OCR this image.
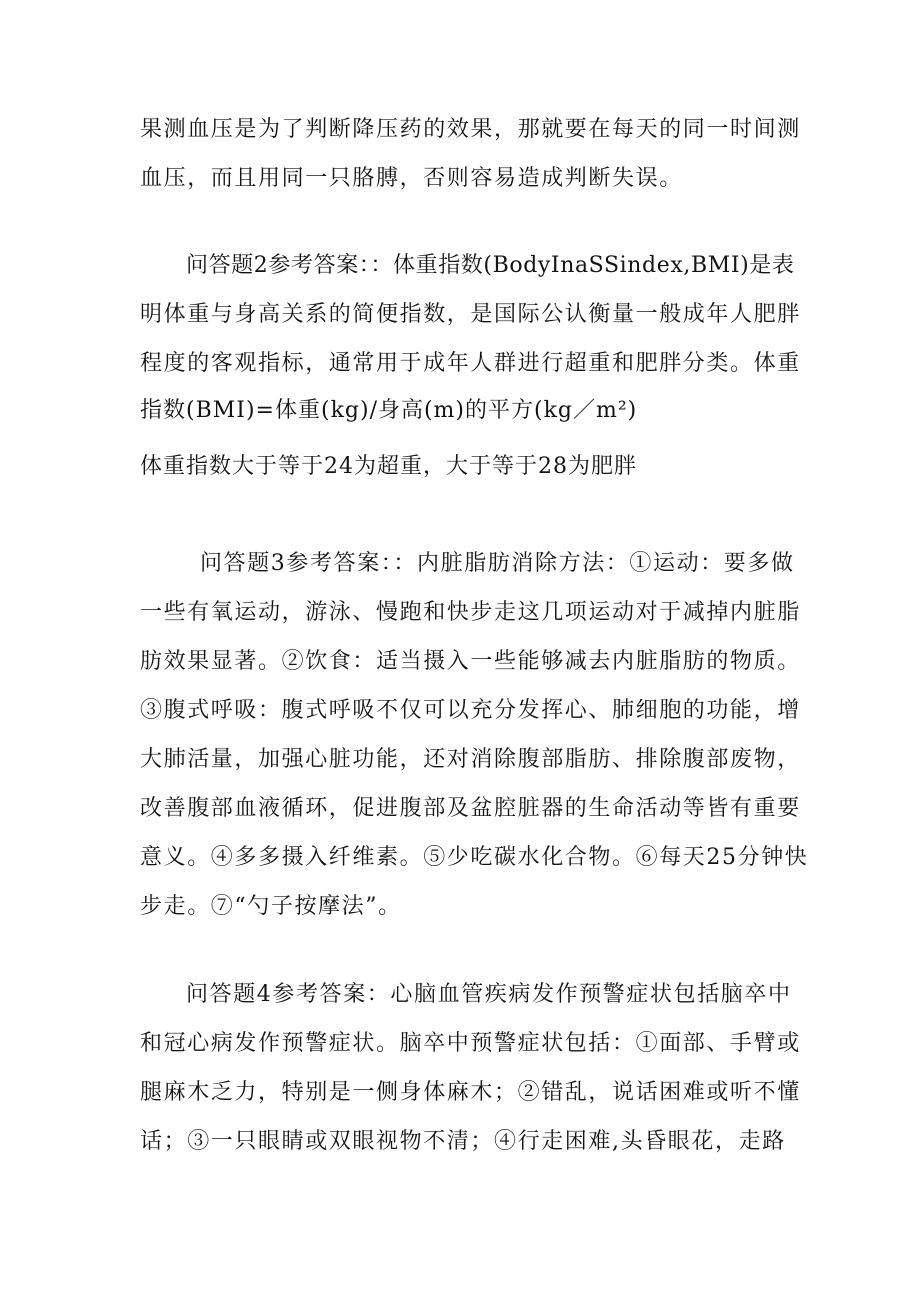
果测血压是为了判断降压药的效果，那就要在每天的同一时间测
血压，而且用同一只胳膊，否则容易造成判断失误。
问答题2参考答案：：体重指数(BodyInaSSindex,BMI)是表
明体重与身高关系的简便指数，是国际公认衡量一般成年人肥胖
程度的客观指标，通常用于成年人群进行超重和肥胖分类。体重
指数(BMI)=体重(kg)/身高(m)的平方(kg／m²)
体重指数大于等于24为超重，大于等于28为肥胖
问答题3参考答案：：内脏脂肪消除方法：①运动：要多做
一些有氧运动，游泳、慢跑和快步走这几项运动对于减掉内脏脂
肪效果显著。②饮食：适当摄入一些能够减去内脏脂肪的物质。
③腹式呼吸：腹式呼吸不仅可以充分发挥心、肺细胞的功能，增
大肺活量，加强心脏功能，还对消除腹部脂肪、排除腹部废物，
改善腹部血液循环，促进腹部及盆腔脏器的生命活动等皆有重要
意义。④多多摄入纤维素。⑤少吃碳水化合物。⑥每天25分钟快
步走。⑦“勺子按摩法”。
问答题4参考答案：心脑血管疾病发作预警症状包括脑卒中
和冠心病发作预警症状。脑卒中预警症状包括：①面部、手臂或
腿麻木乏力，特别是一侧身体麻木；②错乱，说话困难或听不懂
话；③一只眼睛或双眼视物不清；④行走困难,头昏眼花，走路
